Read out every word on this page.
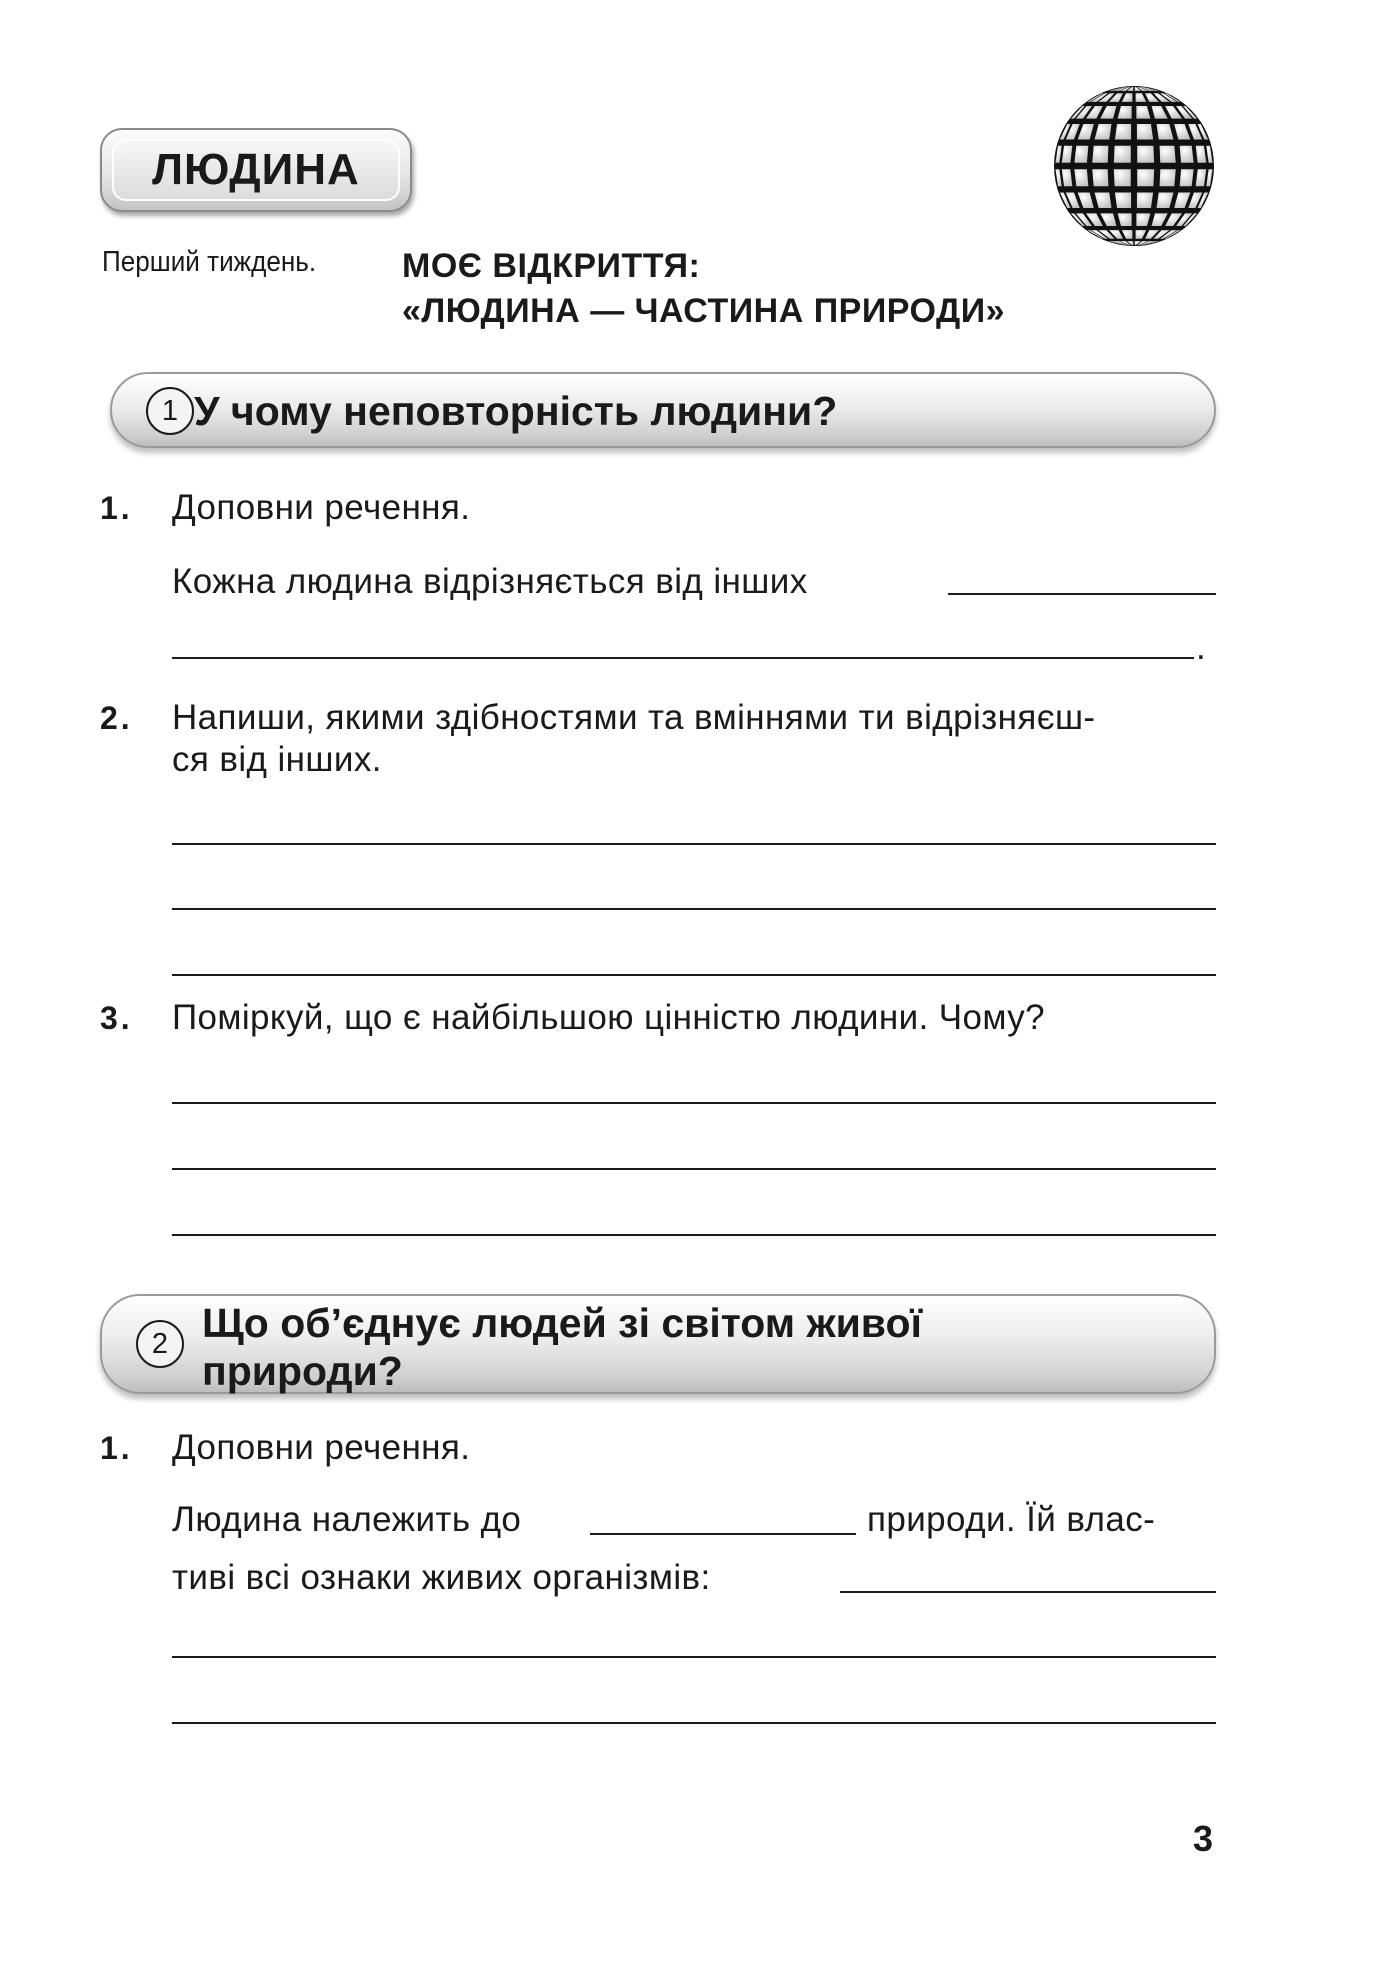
ЛЮДИНА
Перший тиждень.	МОЄ ВІДКРИТТЯ:
«ЛЮДИНА — ЧАСТИНА ПРИРОДИ»
1 У чому неповторність людини?
1. Доповни речення.
Кожна людина відрізняється від інших
.
2. Напиши, якими здібностями та вміннями ти відрізняєш-
ся від інших.
3. Поміркуй, що є найбільшою цінністю людини. Чому?
2 Що об’єднує людей зі світом живої
природи?
1. Доповни речення.
Людина належить до	природи. Їй влас-
тиві всі ознаки живих організмів:
3
